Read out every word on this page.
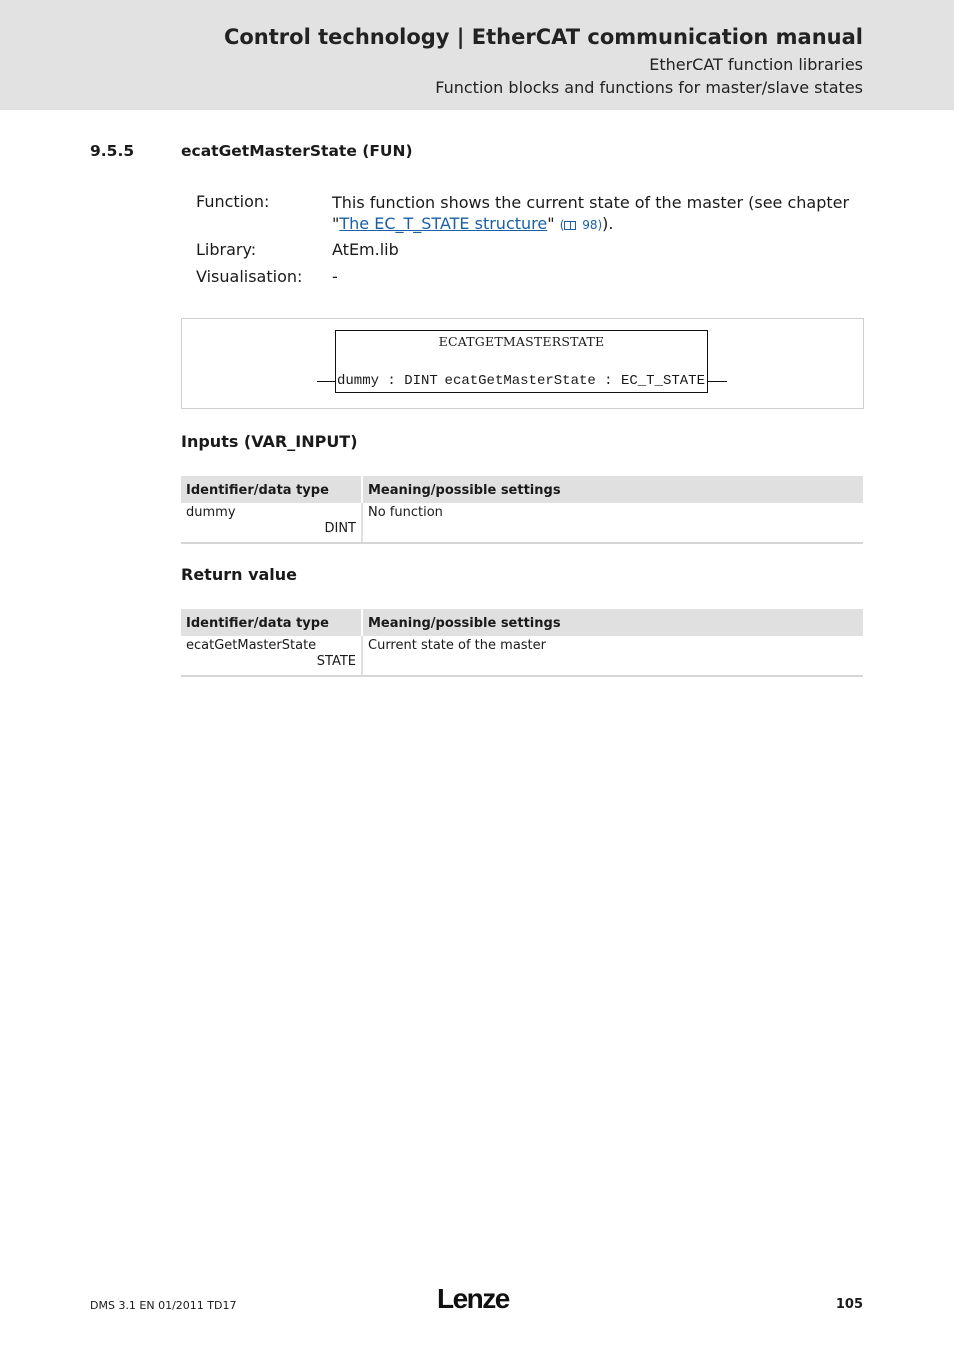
Control technology | EtherCAT communication manual
EtherCAT function libraries
Function blocks and functions for master/slave states
9.5.5	ecatGetMasterState (FUN)
Function:	This function shows the current state of the master (see chapter "The EC_T_STATE structure" ( 98)).
Library:	AtEm.lib
Visualisation: -
ECATGETMASTERSTATE
dummy : DINT ecatGetMasterState : EC_T_STATE
Inputs (VAR_INPUT)
Identifier/data type	Meaning/possible settings

dummy
DINT	No function
Return value
Identifier/data type	Meaning/possible settings

ecatGetMasterState
STATE	Current state of the master
DMS 3.1 EN 01/2011 TD17	Lenze	105
